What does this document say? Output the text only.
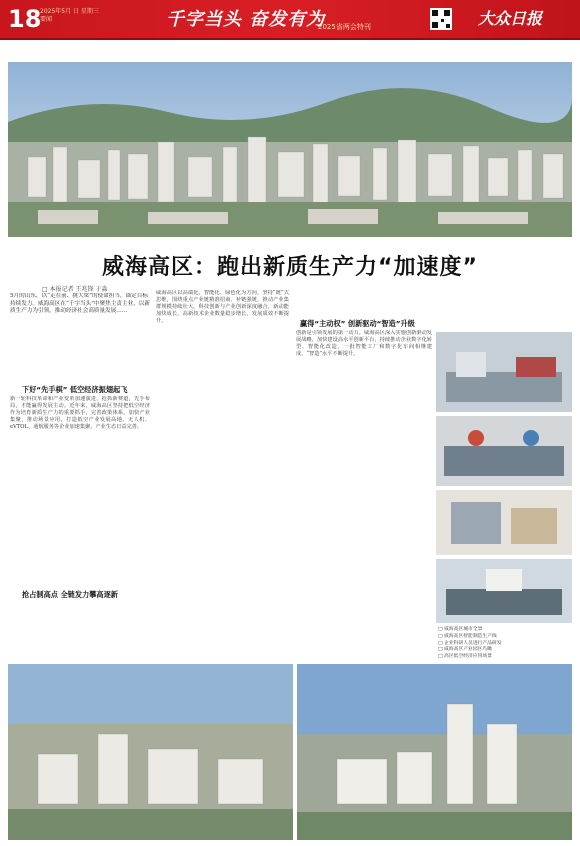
18
2025年5月 日 星期三
要闻	千字当头 奋发有为
2025省两会特刊	大众日报
威海高区：跑出新质生产力“加速度”
□ 本报记者 王兆锋 于淼
5月的山东，以“走在前、挑大梁”的使命担当，锚定目标持续发力。威海高区在“千字当头”中聚焦主责主业，以新质生产力为引领，推动经济社会高质量发展……
下好“先手棋” 低空经济振翅起飞
新一轮科技革命和产业变革加速演进，抢抓新赛道，先手布局，才能赢得发展主动。近年来，威海高区坚持把低空经济作为培育新质生产力的重要抓手，完善政策体系，加快产业集聚，推动场景应用，打造低空产业发展高地。无人机、eVTOL、通航服务等企业加速集聚，产业生态日益完善。
抢占制高点 全链发力攀高逐新
威海高区以高端化、智能化、绿色化为方向，坚持“链”式思维，围绕重点产业链精准招商、补链强链，推动产业集群规模持续壮大。科技创新与产业创新深度融合，新动能加快成长，高新技术企业数量稳步增长，发展质效不断提升。	赢得“主动权” 创新驱动“智造”升级
创新是引领发展的第一动力。威海高区深入实施创新驱动发展战略，加快建设高水平创新平台，持续推动企业数字化转型、智能化改造，一批智能工厂和数字化车间相继建成，“智造”水平不断提升。
□ 威海高区城市全景
□ 威海高区智能制造生产线
□ 企业科研人员进行产品研发
□ 威海高区产业园区鸟瞰
□ 高区低空经济应用场景
